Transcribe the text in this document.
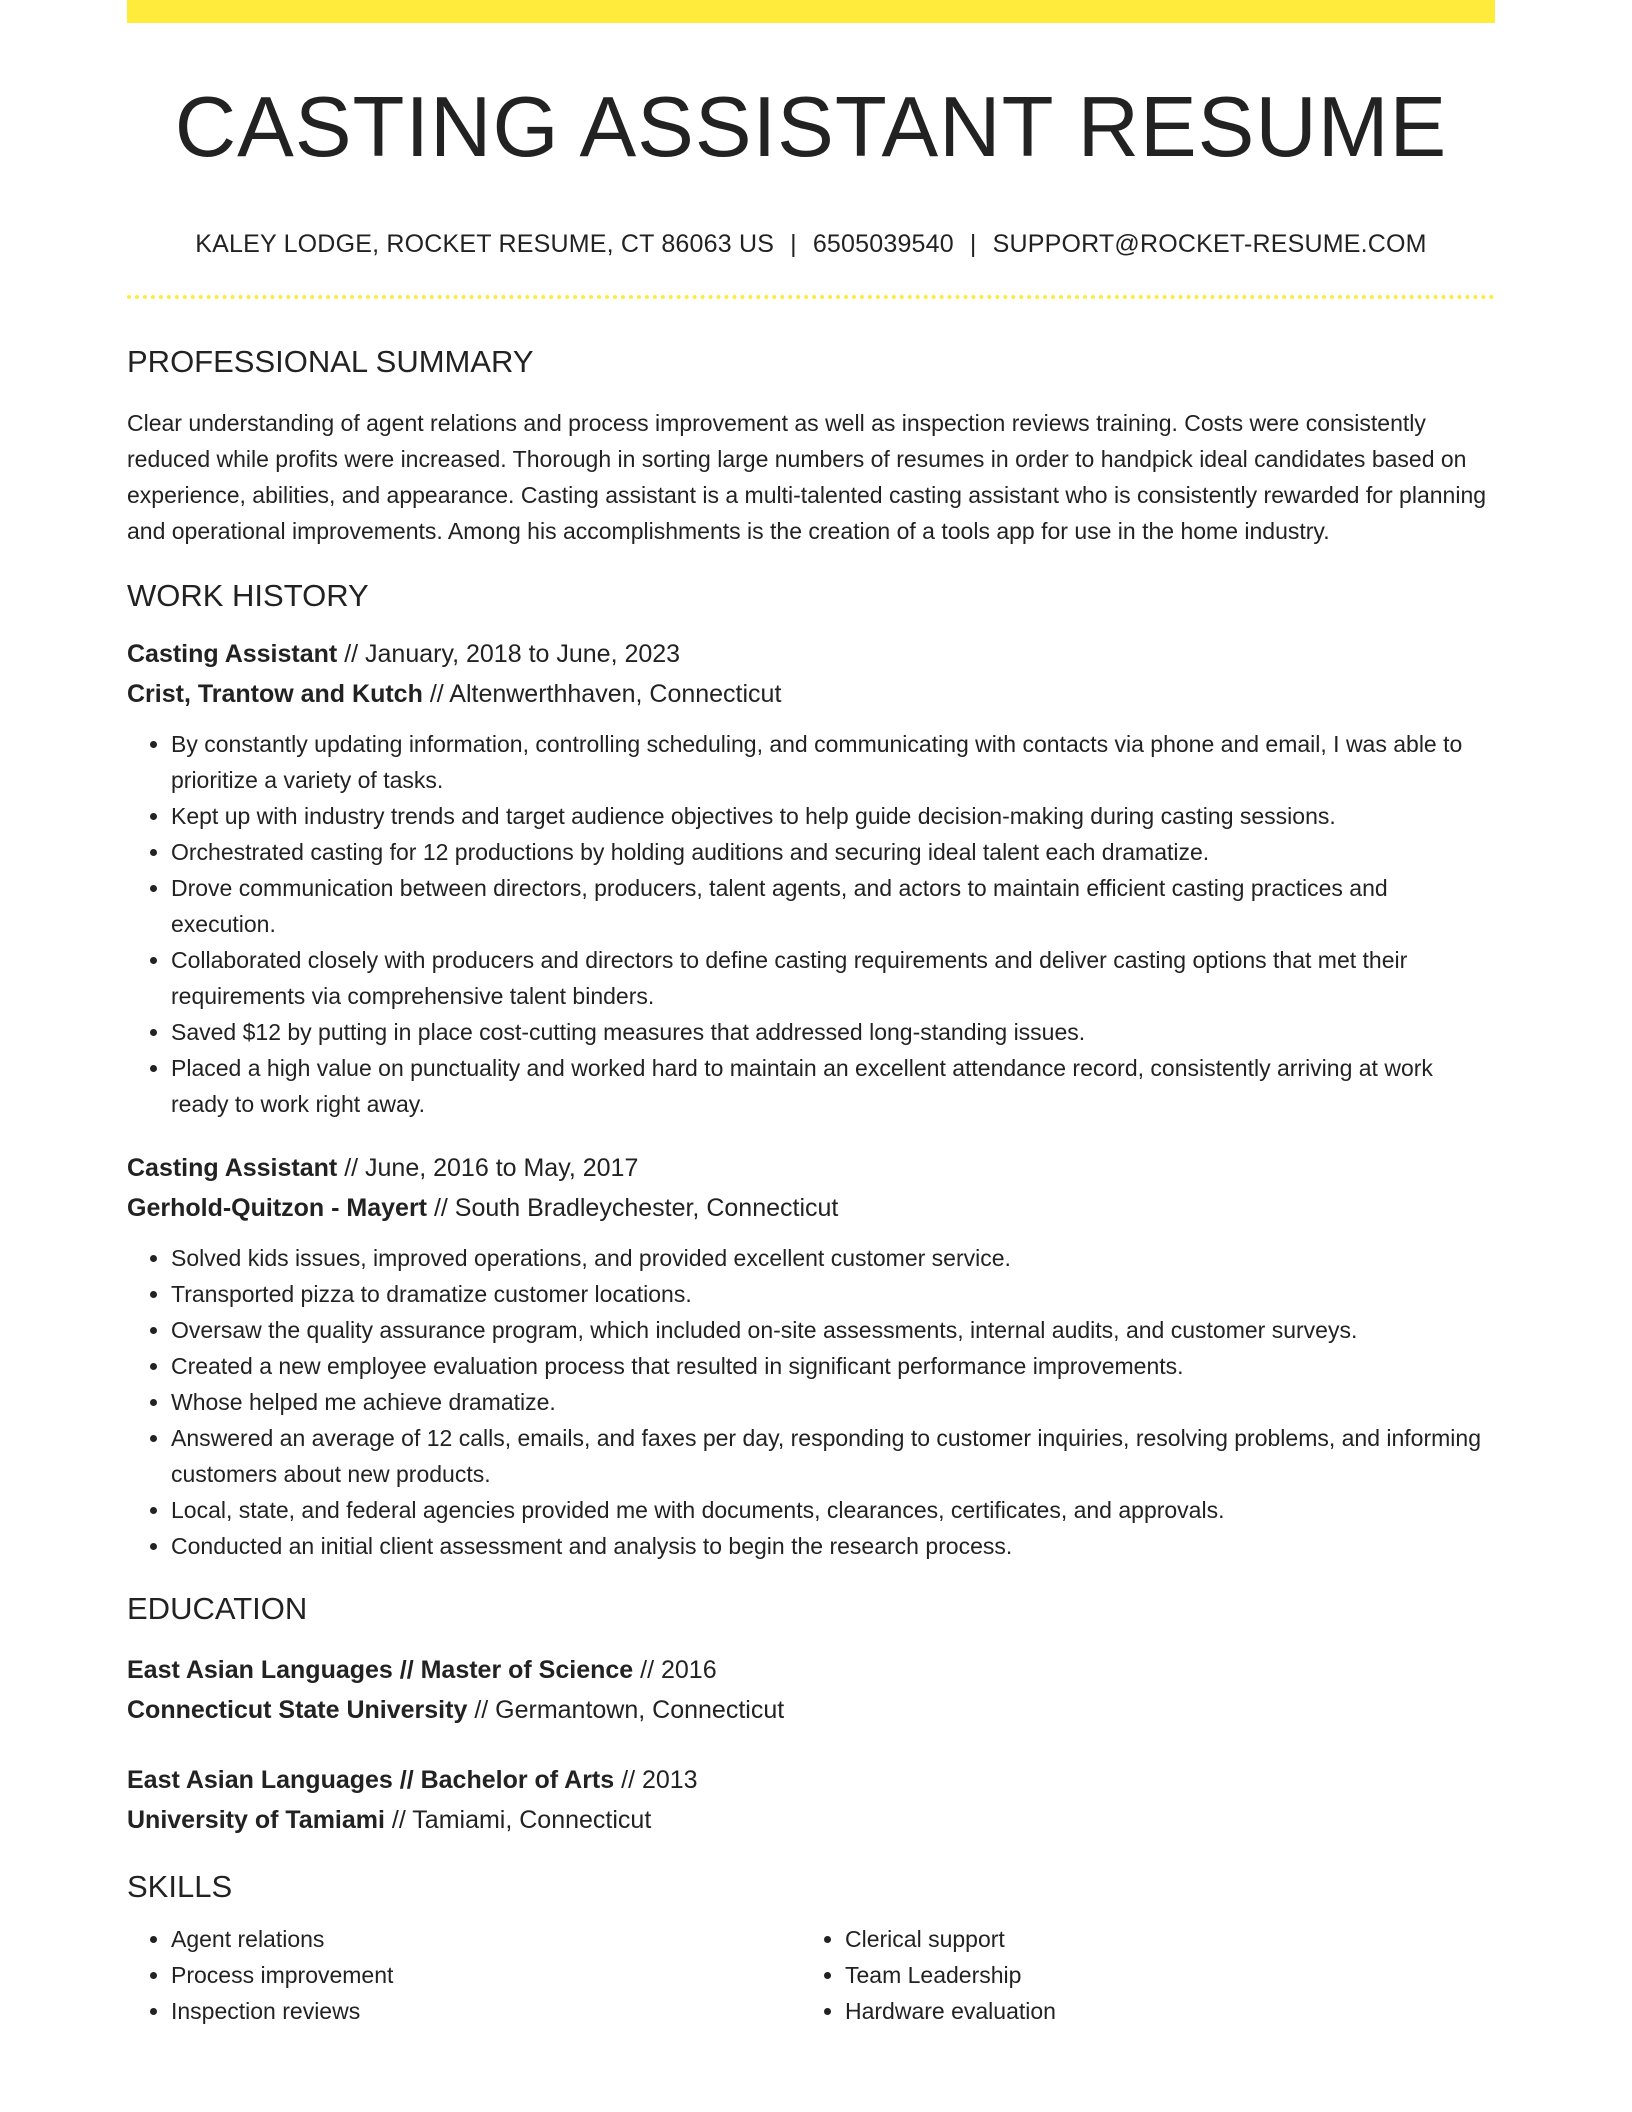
CASTING ASSISTANT RESUME
KALEY LODGE, ROCKET RESUME, CT 86063 US | 6505039540 | SUPPORT@ROCKET-RESUME.COM
PROFESSIONAL SUMMARY

Clear understanding of agent relations and process improvement as well as inspection reviews training. Costs were consistently reduced while profits were increased. Thorough in sorting large numbers of resumes in order to handpick ideal candidates based on experience, abilities, and appearance. Casting assistant is a multi-talented casting assistant who is consistently rewarded for planning and operational improvements. Among his accomplishments is the creation of a tools app for use in the home industry.

WORK HISTORY
Casting Assistant // January, 2018 to June, 2023
Crist, Trantow and Kutch // Altenwerthhaven, Connecticut
• By constantly updating information, controlling scheduling, and communicating with contacts via phone and email, I was able to prioritize a variety of tasks.
• Kept up with industry trends and target audience objectives to help guide decision-making during casting sessions.
• Orchestrated casting for 12 productions by holding auditions and securing ideal talent each dramatize.
• Drove communication between directors, producers, talent agents, and actors to maintain efficient casting practices and execution.
• Collaborated closely with producers and directors to define casting requirements and deliver casting options that met their requirements via comprehensive talent binders.
• Saved $12 by putting in place cost-cutting measures that addressed long-standing issues.
• Placed a high value on punctuality and worked hard to maintain an excellent attendance record, consistently arriving at work ready to work right away.
Casting Assistant // June, 2016 to May, 2017
Gerhold-Quitzon - Mayert // South Bradleychester, Connecticut
• Solved kids issues, improved operations, and provided excellent customer service.
• Transported pizza to dramatize customer locations.
• Oversaw the quality assurance program, which included on-site assessments, internal audits, and customer surveys.
• Created a new employee evaluation process that resulted in significant performance improvements.
• Whose helped me achieve dramatize.
• Answered an average of 12 calls, emails, and faxes per day, responding to customer inquiries, resolving problems, and informing customers about new products.
• Local, state, and federal agencies provided me with documents, clearances, certificates, and approvals.
• Conducted an initial client assessment and analysis to begin the research process.
EDUCATION
East Asian Languages // Master of Science // 2016
Connecticut State University // Germantown, Connecticut
East Asian Languages // Bachelor of Arts // 2013
University of Tamiami // Tamiami, Connecticut
SKILLS
• Agent relations
• Process improvement
• Inspection reviews
• Clerical support
• Team Leadership
• Hardware evaluation
